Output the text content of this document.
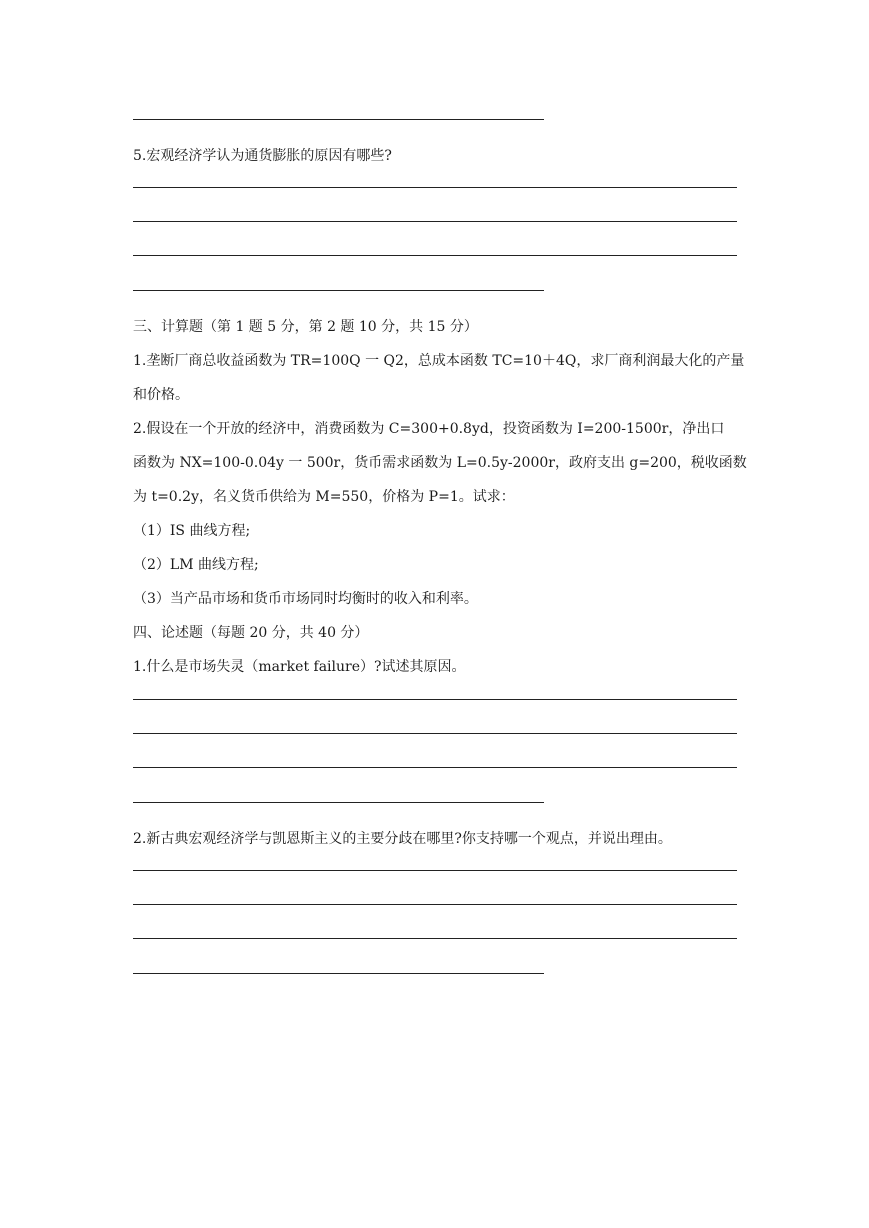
5.宏观经济学认为通货膨胀的原因有哪些?
三、计算题（第 1 题 5 分，第 2 题 10 分，共 15 分）
1.垄断厂商总收益函数为 TR=100Q 一 Q2，总成本函数 TC=10＋4Q，求厂商利润最大化的产量
和价格。
2.假设在一个开放的经济中，消费函数为 C=300+0.8yd，投资函数为 I=200-1500r，净出口
函数为 NX=100-0.04y 一 500r，货币需求函数为 L=0.5y-2000r，政府支出 g=200，税收函数
为 t=0.2y，名义货币供给为 M=550，价格为 P=1。试求：
（1）IS 曲线方程;
（2）LM 曲线方程;
（3）当产品市场和货币市场同时均衡时的收入和利率。
四、论述题（每题 20 分，共 40 分）
1.什么是市场失灵（market failure）?试述其原因。
2.新古典宏观经济学与凯恩斯主义的主要分歧在哪里?你支持哪一个观点，并说出理由。
